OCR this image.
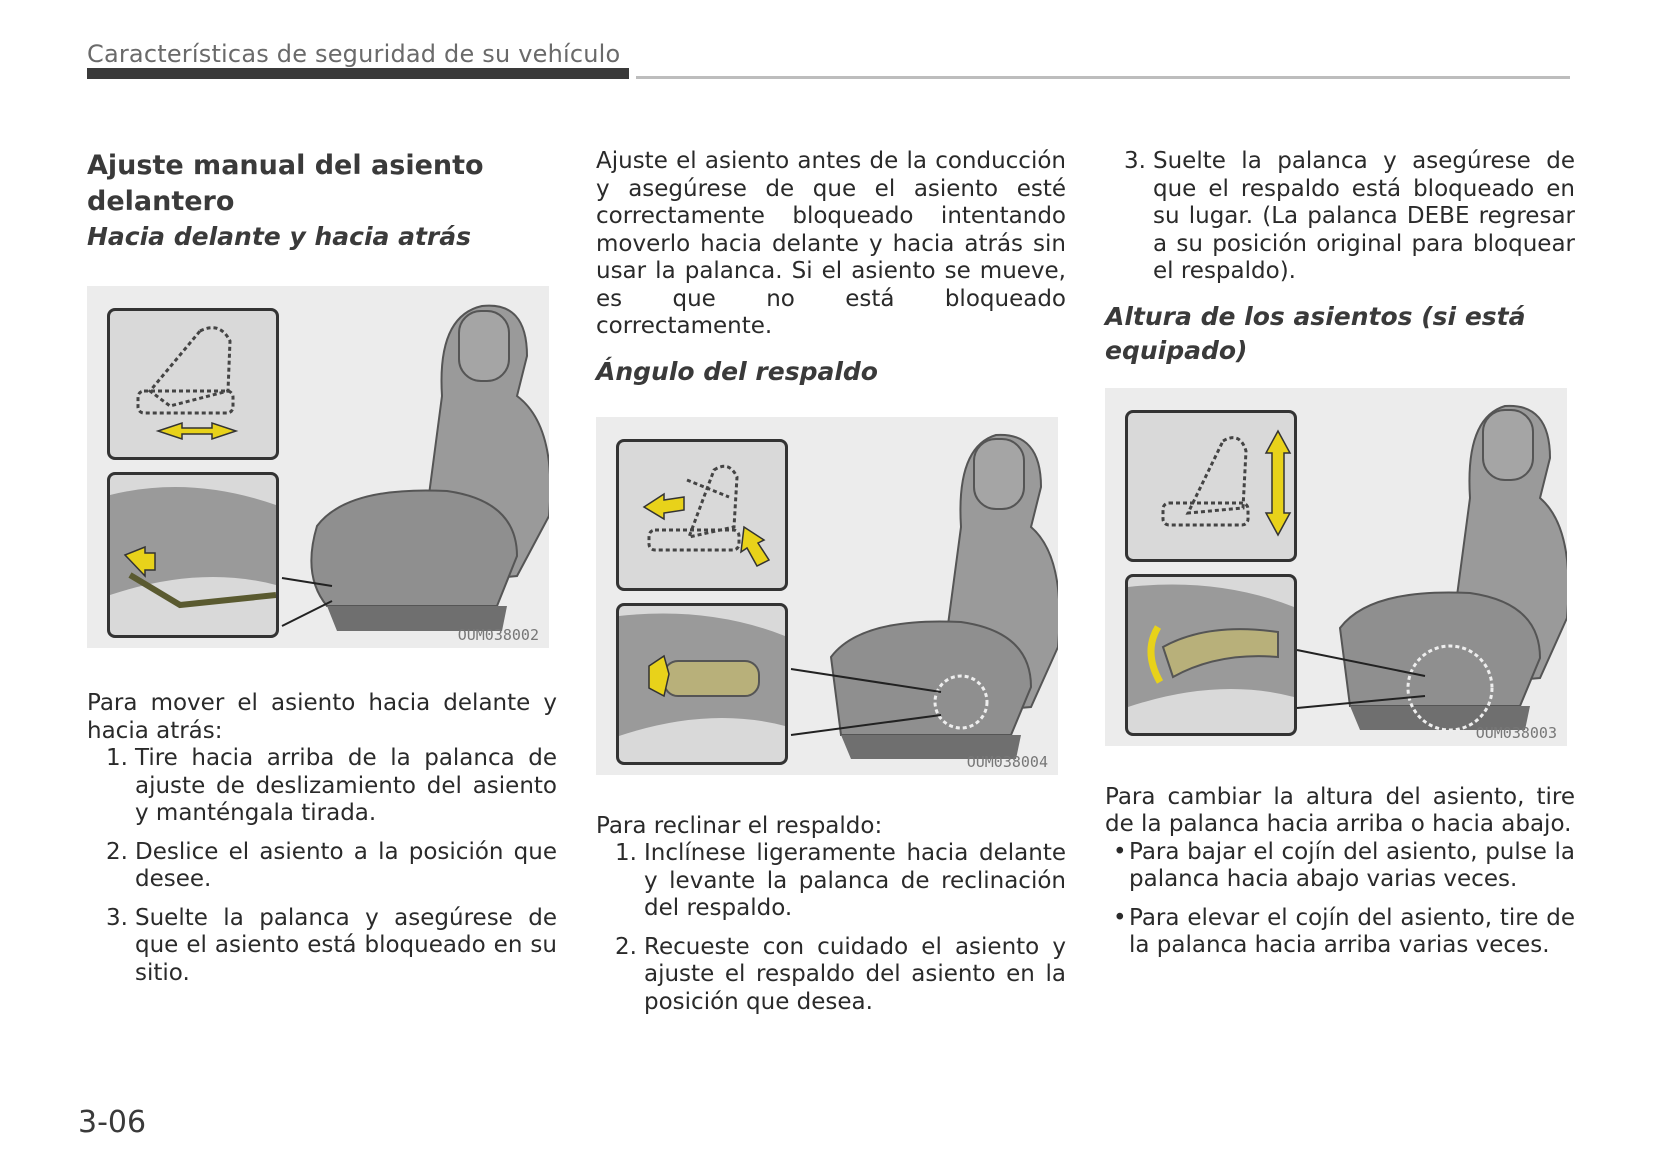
Características de seguridad de su vehículo
Ajuste manual del asiento delantero
Hacia delante y hacia atrás
OUM038002

Para mover el asiento hacia delante y hacia atrás:

1. Tire hacia arriba de la palanca de ajuste de deslizamiento del asiento y manténgala tirada.
2. Deslice el asiento a la posición que desee.
3. Suelte la palanca y asegúrese de que el asiento está bloqueado en su sitio.

Ajuste el asiento antes de la conducción y asegúrese de que el asiento esté correctamente bloqueado intentando moverlo hacia delante y hacia atrás sin usar la palanca. Si el asiento se mueve, es que no está bloqueado correctamente.

Ángulo del respaldo
OUM038004

Para reclinar el respaldo:

1. Inclínese ligeramente hacia delante y levante la palanca de reclinación del respaldo.
2. Recueste con cuidado el asiento y ajuste el respaldo del asiento en la posición que desea.
3. Suelte la palanca y asegúrese de que el respaldo está bloqueado en su lugar. (La palanca DEBE regresar a su posición original para bloquear el respaldo).
Altura de los asientos (si está equipado)
OUM038003

Para cambiar la altura del asiento, tire de la palanca hacia arriba o hacia abajo.

• Para bajar el cojín del asiento, pulse la palanca hacia abajo varias veces.
• Para elevar el cojín del asiento, tire de la palanca hacia arriba varias veces.
3-06
